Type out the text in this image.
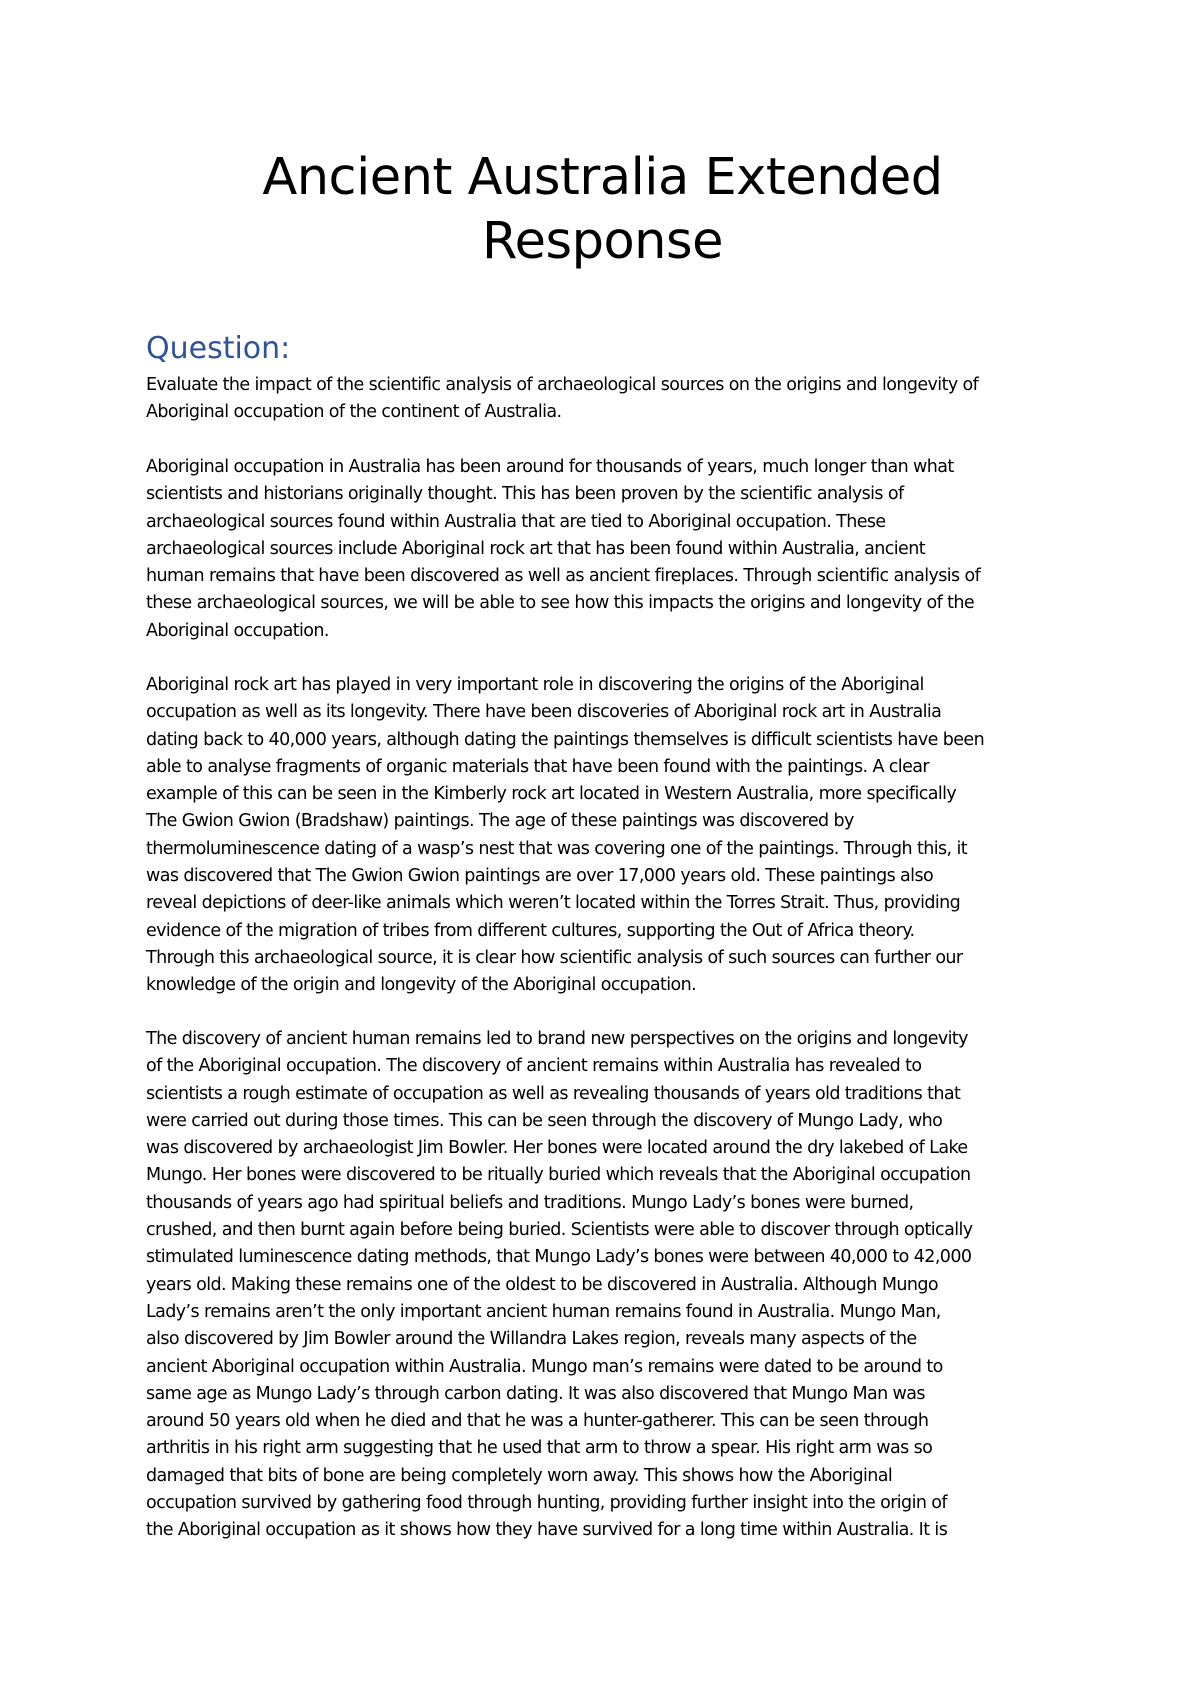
Ancient Australia Extended
Response
Question:
Evaluate the impact of the scientific analysis of archaeological sources on the origins and longevity of
Aboriginal occupation of the continent of Australia.
Aboriginal occupation in Australia has been around for thousands of years, much longer than what
scientists and historians originally thought. This has been proven by the scientific analysis of
archaeological sources found within Australia that are tied to Aboriginal occupation. These
archaeological sources include Aboriginal rock art that has been found within Australia, ancient
human remains that have been discovered as well as ancient fireplaces. Through scientific analysis of
these archaeological sources, we will be able to see how this impacts the origins and longevity of the
Aboriginal occupation.
Aboriginal rock art has played in very important role in discovering the origins of the Aboriginal
occupation as well as its longevity. There have been discoveries of Aboriginal rock art in Australia
dating back to 40,000 years, although dating the paintings themselves is difficult scientists have been
able to analyse fragments of organic materials that have been found with the paintings. A clear
example of this can be seen in the Kimberly rock art located in Western Australia, more specifically
The Gwion Gwion (Bradshaw) paintings. The age of these paintings was discovered by
thermoluminescence dating of a wasp’s nest that was covering one of the paintings. Through this, it
was discovered that The Gwion Gwion paintings are over 17,000 years old. These paintings also
reveal depictions of deer-like animals which weren’t located within the Torres Strait. Thus, providing
evidence of the migration of tribes from different cultures, supporting the Out of Africa theory.
Through this archaeological source, it is clear how scientific analysis of such sources can further our
knowledge of the origin and longevity of the Aboriginal occupation.
The discovery of ancient human remains led to brand new perspectives on the origins and longevity
of the Aboriginal occupation. The discovery of ancient remains within Australia has revealed to
scientists a rough estimate of occupation as well as revealing thousands of years old traditions that
were carried out during those times. This can be seen through the discovery of Mungo Lady, who
was discovered by archaeologist Jim Bowler. Her bones were located around the dry lakebed of Lake
Mungo. Her bones were discovered to be ritually buried which reveals that the Aboriginal occupation
thousands of years ago had spiritual beliefs and traditions. Mungo Lady’s bones were burned,
crushed, and then burnt again before being buried. Scientists were able to discover through optically
stimulated luminescence dating methods, that Mungo Lady’s bones were between 40,000 to 42,000
years old. Making these remains one of the oldest to be discovered in Australia. Although Mungo
Lady’s remains aren’t the only important ancient human remains found in Australia. Mungo Man,
also discovered by Jim Bowler around the Willandra Lakes region, reveals many aspects of the
ancient Aboriginal occupation within Australia. Mungo man’s remains were dated to be around to
same age as Mungo Lady’s through carbon dating. It was also discovered that Mungo Man was
around 50 years old when he died and that he was a hunter-gatherer. This can be seen through
arthritis in his right arm suggesting that he used that arm to throw a spear. His right arm was so
damaged that bits of bone are being completely worn away. This shows how the Aboriginal
occupation survived by gathering food through hunting, providing further insight into the origin of
the Aboriginal occupation as it shows how they have survived for a long time within Australia. It is
